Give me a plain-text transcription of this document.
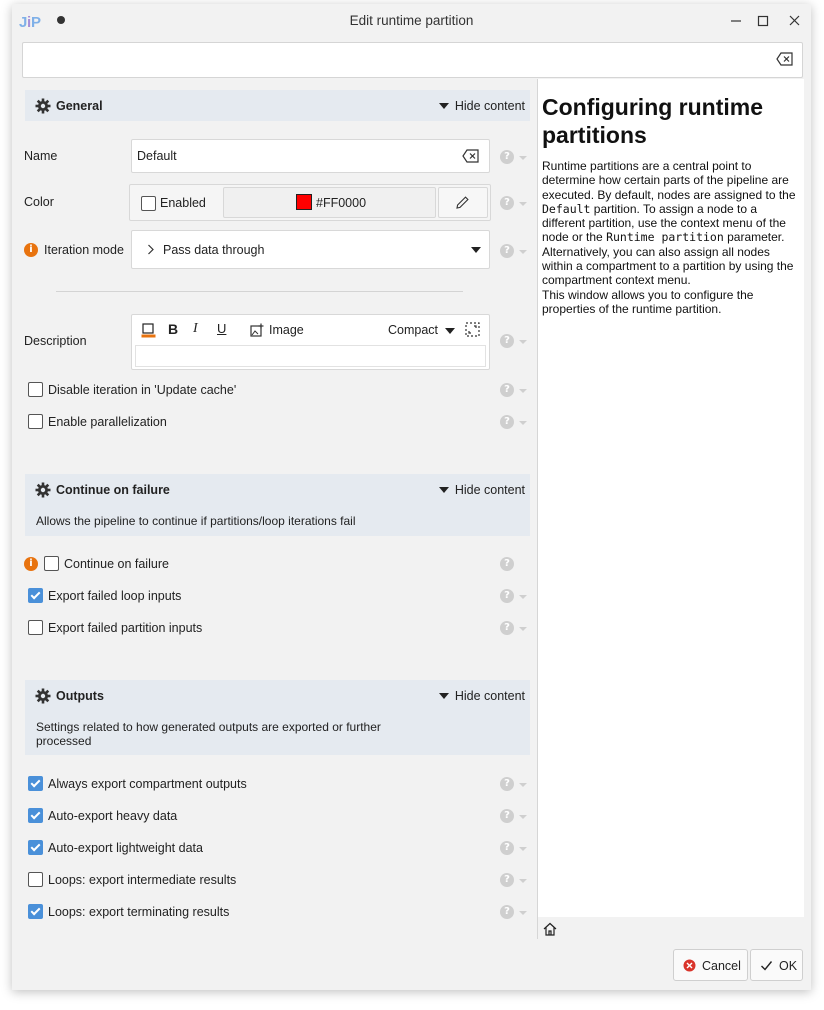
J i P	Edit runtime partition
General	Hide content
Name	Default	?
Color	Enabled	#FF0000	?
i Iteration mode	Pass data through	?
Description
B I U	Image	Compact
?
Disable iteration in 'Update cache'	?
Enable parallelization	?
Continue on failure	Hide content
Allows the pipeline to continue if partitions/loop iterations fail
i	Continue on failure	?
Export failed loop inputs	?
Export failed partition inputs	?
Outputs	Hide content
Settings related to how generated outputs are exported or further
processed
Always export compartment outputs	?
Auto-export heavy data	?
Auto-export lightweight data	?
Loops: export intermediate results	?
Loops: export terminating results	?
Configuring runtime partitions
Runtime partitions are a central point to determine how certain parts of the pipeline are executed. By default, nodes are assigned to the Default partition. To assign a node to a different partition, use the context menu of the node or the Runtime partition parameter. Alternatively, you can also assign all nodes within a compartment to a partition by using the compartment context menu.
This window allows you to configure the properties of the runtime partition.
Cancel	OK
